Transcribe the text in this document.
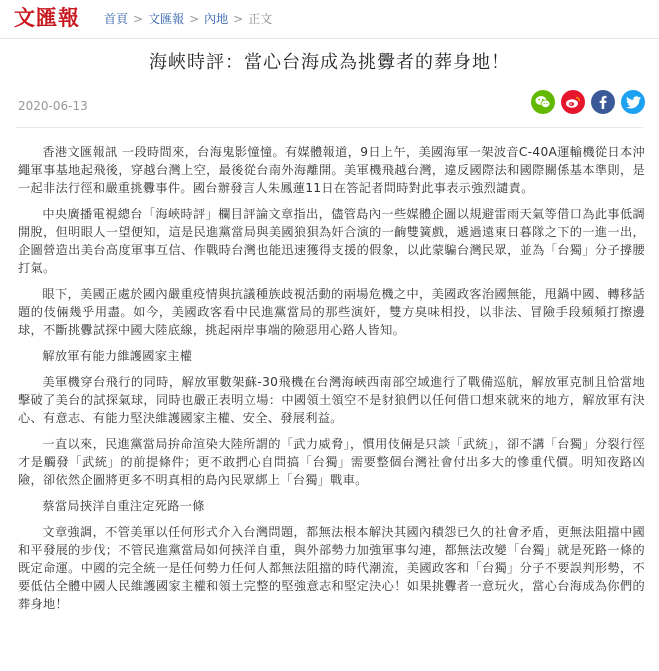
文匯報 首頁 > 文匯報 > 內地 > 正文
海峽時評：當心台海成為挑釁者的葬身地！
2020-06-13

香港文匯報訊 一段時間來，台海鬼影憧憧。有媒體報道，9日上午，美國海軍一架波音C-40A運輸機從日本沖繩軍事基地起飛後，穿越台灣上空，最後從台南外海離開。美軍機飛越台灣，違反國際法和國際關係基本準則，是一起非法行徑和嚴重挑釁事件。國台辦發言人朱鳳蓮11日在答記者問時對此事表示強烈譴責。

中央廣播電視總台「海峽時評」欄目評論文章指出，儘管島內一些媒體企圖以規避雷雨天氣等借口為此事低調開脫，但明眼人一望便知，這是民進黨當局與美國狼狽為奸合演的一齣雙簧戲，遞過遠東日暮隊之下的一進一出，企圖營造出美台高度軍事互信、作戰時台灣也能迅速獲得支援的假象，以此蒙騙台灣民眾，並為「台獨」分子撐腰打氣。

眼下，美國正處於國內嚴重疫情與抗議種族歧視活動的兩場危機之中，美國政客治國無能，甩鍋中國、轉移話題的伎倆幾乎用盡。如今，美國政客看中民進黨當局的那些演奸，雙方臭味相投，以非法、冒險手段頻頻打擦邊球，不斷挑釁試探中國大陸底線，挑起兩岸事端的險惡用心路人皆知。

解放軍有能力維護國家主權

美軍機穿台飛行的同時，解放軍數架蘇-30飛機在台灣海峽西南部空域進行了戰備巡航，解放軍克制且恰當地擊破了美台的試探氣球，同時也嚴正表明立場：中國領土領空不是豺狼們以任何借口想來就來的地方，解放軍有決心、有意志、有能力堅決維護國家主權、安全、發展利益。

一直以來，民進黨當局拚命渲染大陸所謂的「武力威脅」，慣用伎倆是只談「武統」，卻不講「台獨」分裂行徑才是觸發「武統」的前提條件；更不敢捫心自問搞「台獨」需要整個台灣社會付出多大的慘重代價。明知夜路凶險，卻依然企圖將更多不明真相的島內民眾綁上「台獨」戰車。

蔡當局挾洋自重注定死路一條

文章強調，不管美軍以任何形式介入台灣問題，都無法根本解決其國內積怨已久的社會矛盾，更無法阻擋中國和平發展的步伐；不管民進黨當局如何挾洋自重，與外部勢力加強軍事勾連，都無法改變「台獨」就是死路一條的既定命運。中國的完全統一是任何勢力任何人都無法阻擋的時代潮流，美國政客和「台獨」分子不要誤判形勢，不要低估全體中國人民維護國家主權和領土完整的堅強意志和堅定決心！如果挑釁者一意玩火，當心台海成為你們的葬身地！
